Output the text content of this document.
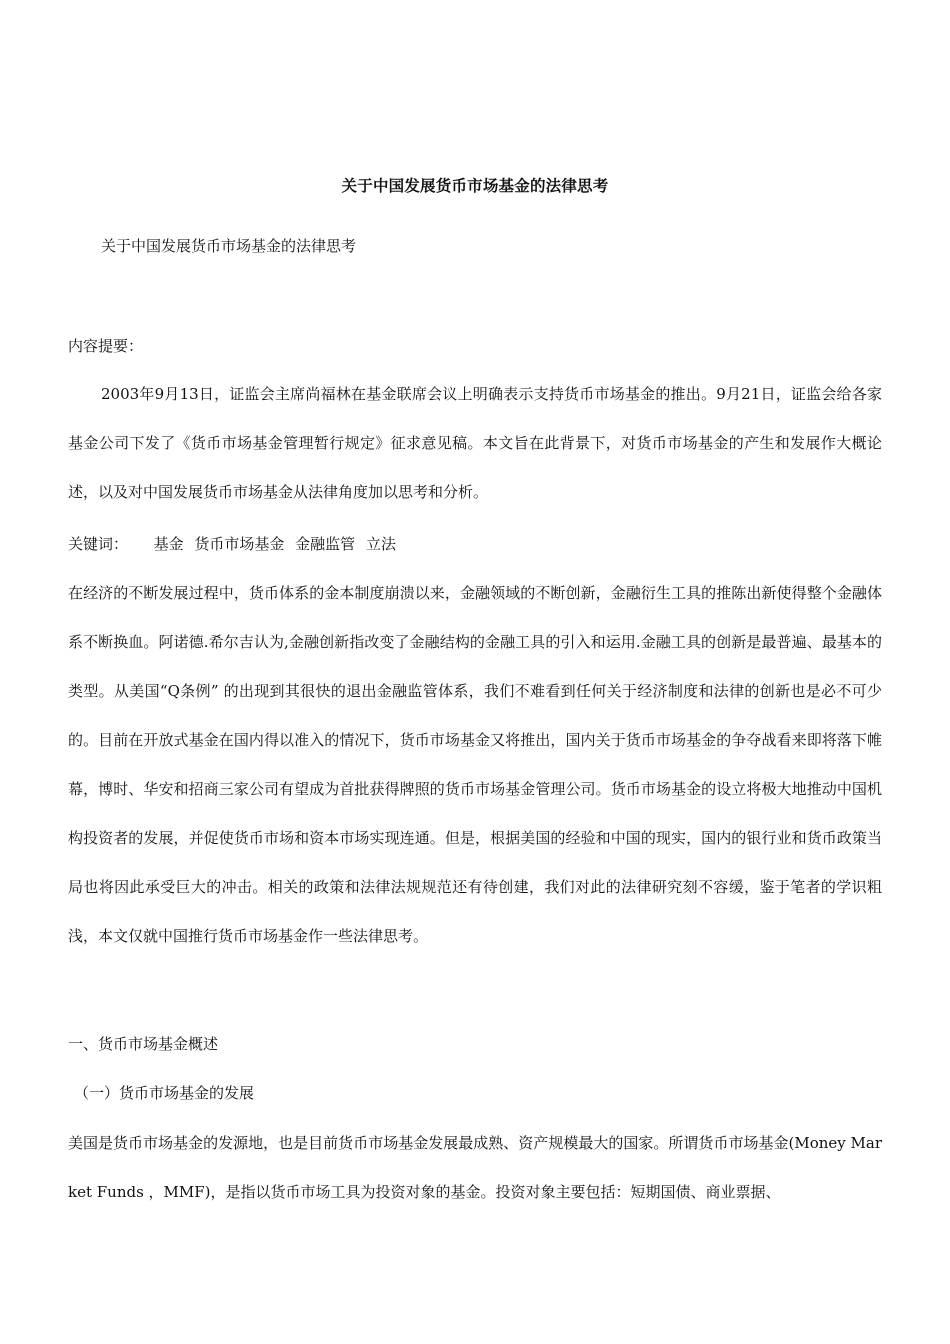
关于中国发展货币市场基金的法律思考
关于中国发展货币市场基金的法律思考
内容提要：
2003年9月13日，证监会主席尚福林在基金联席会议上明确表示支持货币市场基金的推出。9月21日，证监会给各家基金公司下发了《货币市场基金管理暂行规定》征求意见稿。本文旨在此背景下，对货币市场基金的产生和发展作大概论述，以及对中国发展货币市场基金从法律角度加以思考和分析。
关键词： 基金 货币市场基金 金融监管 立法
在经济的不断发展过程中，货币体系的金本制度崩溃以来，金融领域的不断创新，金融衍生工具的推陈出新使得整个金融体系不断换血。阿诺德.希尔吉认为,金融创新指改变了金融结构的金融工具的引入和运用.金融工具的创新是最普遍、最基本的类型。从美国“Q条例” 的出现到其很快的退出金融监管体系，我们不难看到任何关于经济制度和法律的创新也是必不可少的。目前在开放式基金在国内得以准入的情况下，货币市场基金又将推出，国内关于货币市场基金的争夺战看来即将落下帷幕，博时、华安和招商三家公司有望成为首批获得牌照的货币市场基金管理公司。货币市场基金的设立将极大地推动中国机构投资者的发展，并促使货币市场和资本市场实现连通。但是，根据美国的经验和中国的现实，国内的银行业和货币政策当局也将因此承受巨大的冲击。相关的政策和法律法规规范还有待创建，我们对此的法律研究刻不容缓，鉴于笔者的学识粗浅，本文仅就中国推行货币市场基金作一些法律思考。
一、货币市场基金概述
（一）货币市场基金的发展
美国是货币市场基金的发源地，也是目前货币市场基金发展最成熟、资产规模最大的国家。所谓货币市场基金(Money Market Funds ，MMF)，是指以货币市场工具为投资对象的基金。投资对象主要包括：短期国债、商业票据、
